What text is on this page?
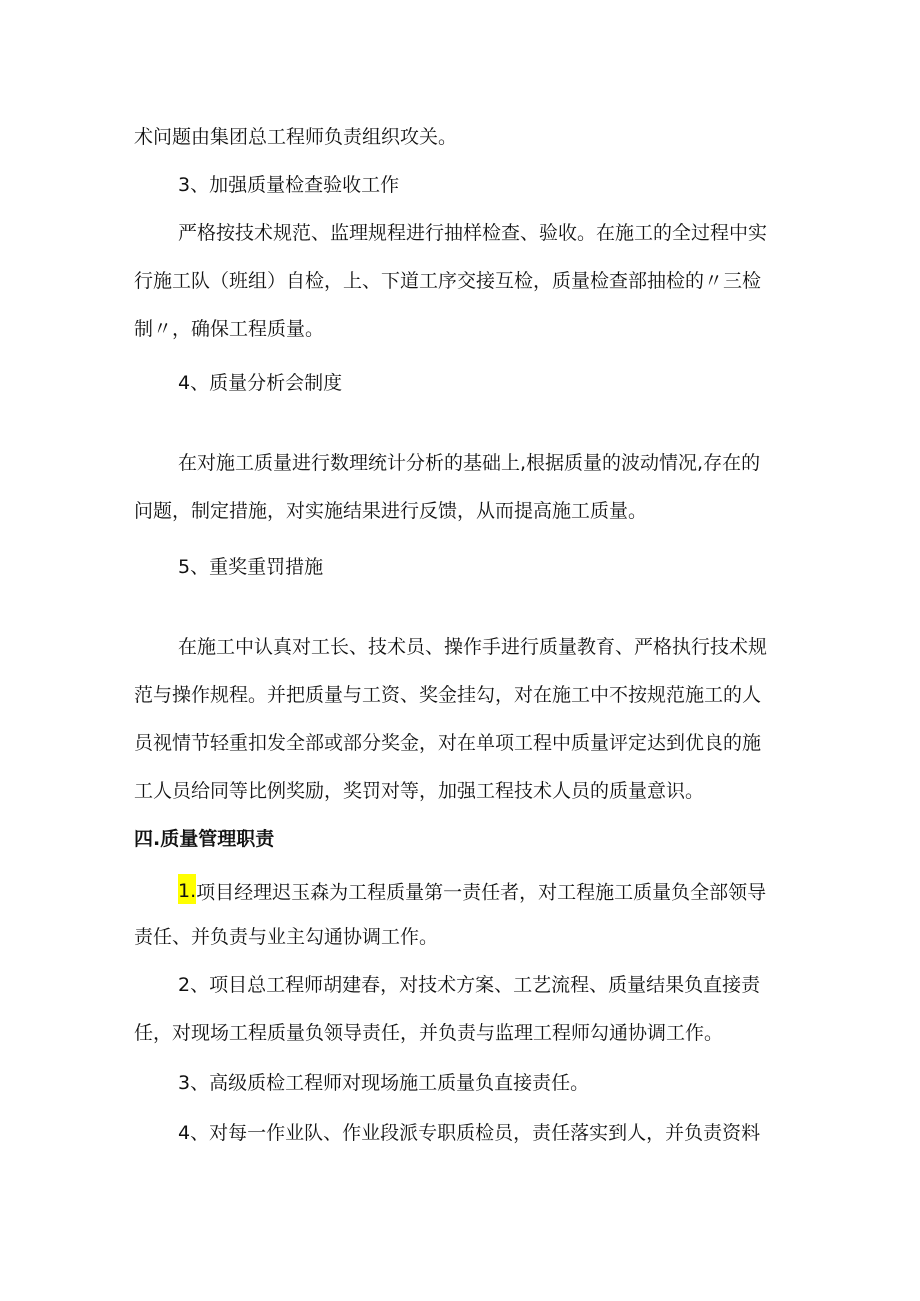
术问题由集团总工程师负责组织攻关。
3、加强质量检查验收工作
严格按技术规范、监理规程进行抽样检查、验收。在施工的全过程中实
行施工队（班组）自检，上、下道工序交接互检，质量检查部抽检的〃三检
制〃，确保工程质量。
4、质量分析会制度
在对施工质量进行数理统计分析的基础上,根据质量的波动情况,存在的
问题，制定措施，对实施结果进行反馈，从而提高施工质量。
5、重奖重罚措施
在施工中认真对工长、技术员、操作手进行质量教育、严格执行技术规
范与操作规程。并把质量与工资、奖金挂勾，对在施工中不按规范施工的人
员视情节轻重扣发全部或部分奖金，对在单项工程中质量评定达到优良的施
工人员给同等比例奖励，奖罚对等，加强工程技术人员的质量意识。
四.质量管理职责
1.项目经理迟玉森为工程质量第一责任者，对工程施工质量负全部领导
责任、并负责与业主勾通协调工作。
2、项目总工程师胡建春，对技术方案、工艺流程、质量结果负直接责
任，对现场工程质量负领导责任，并负责与监理工程师勾通协调工作。
3、高级质检工程师对现场施工质量负直接责任。
4、对每一作业队、作业段派专职质检员，责任落实到人，并负责资料
